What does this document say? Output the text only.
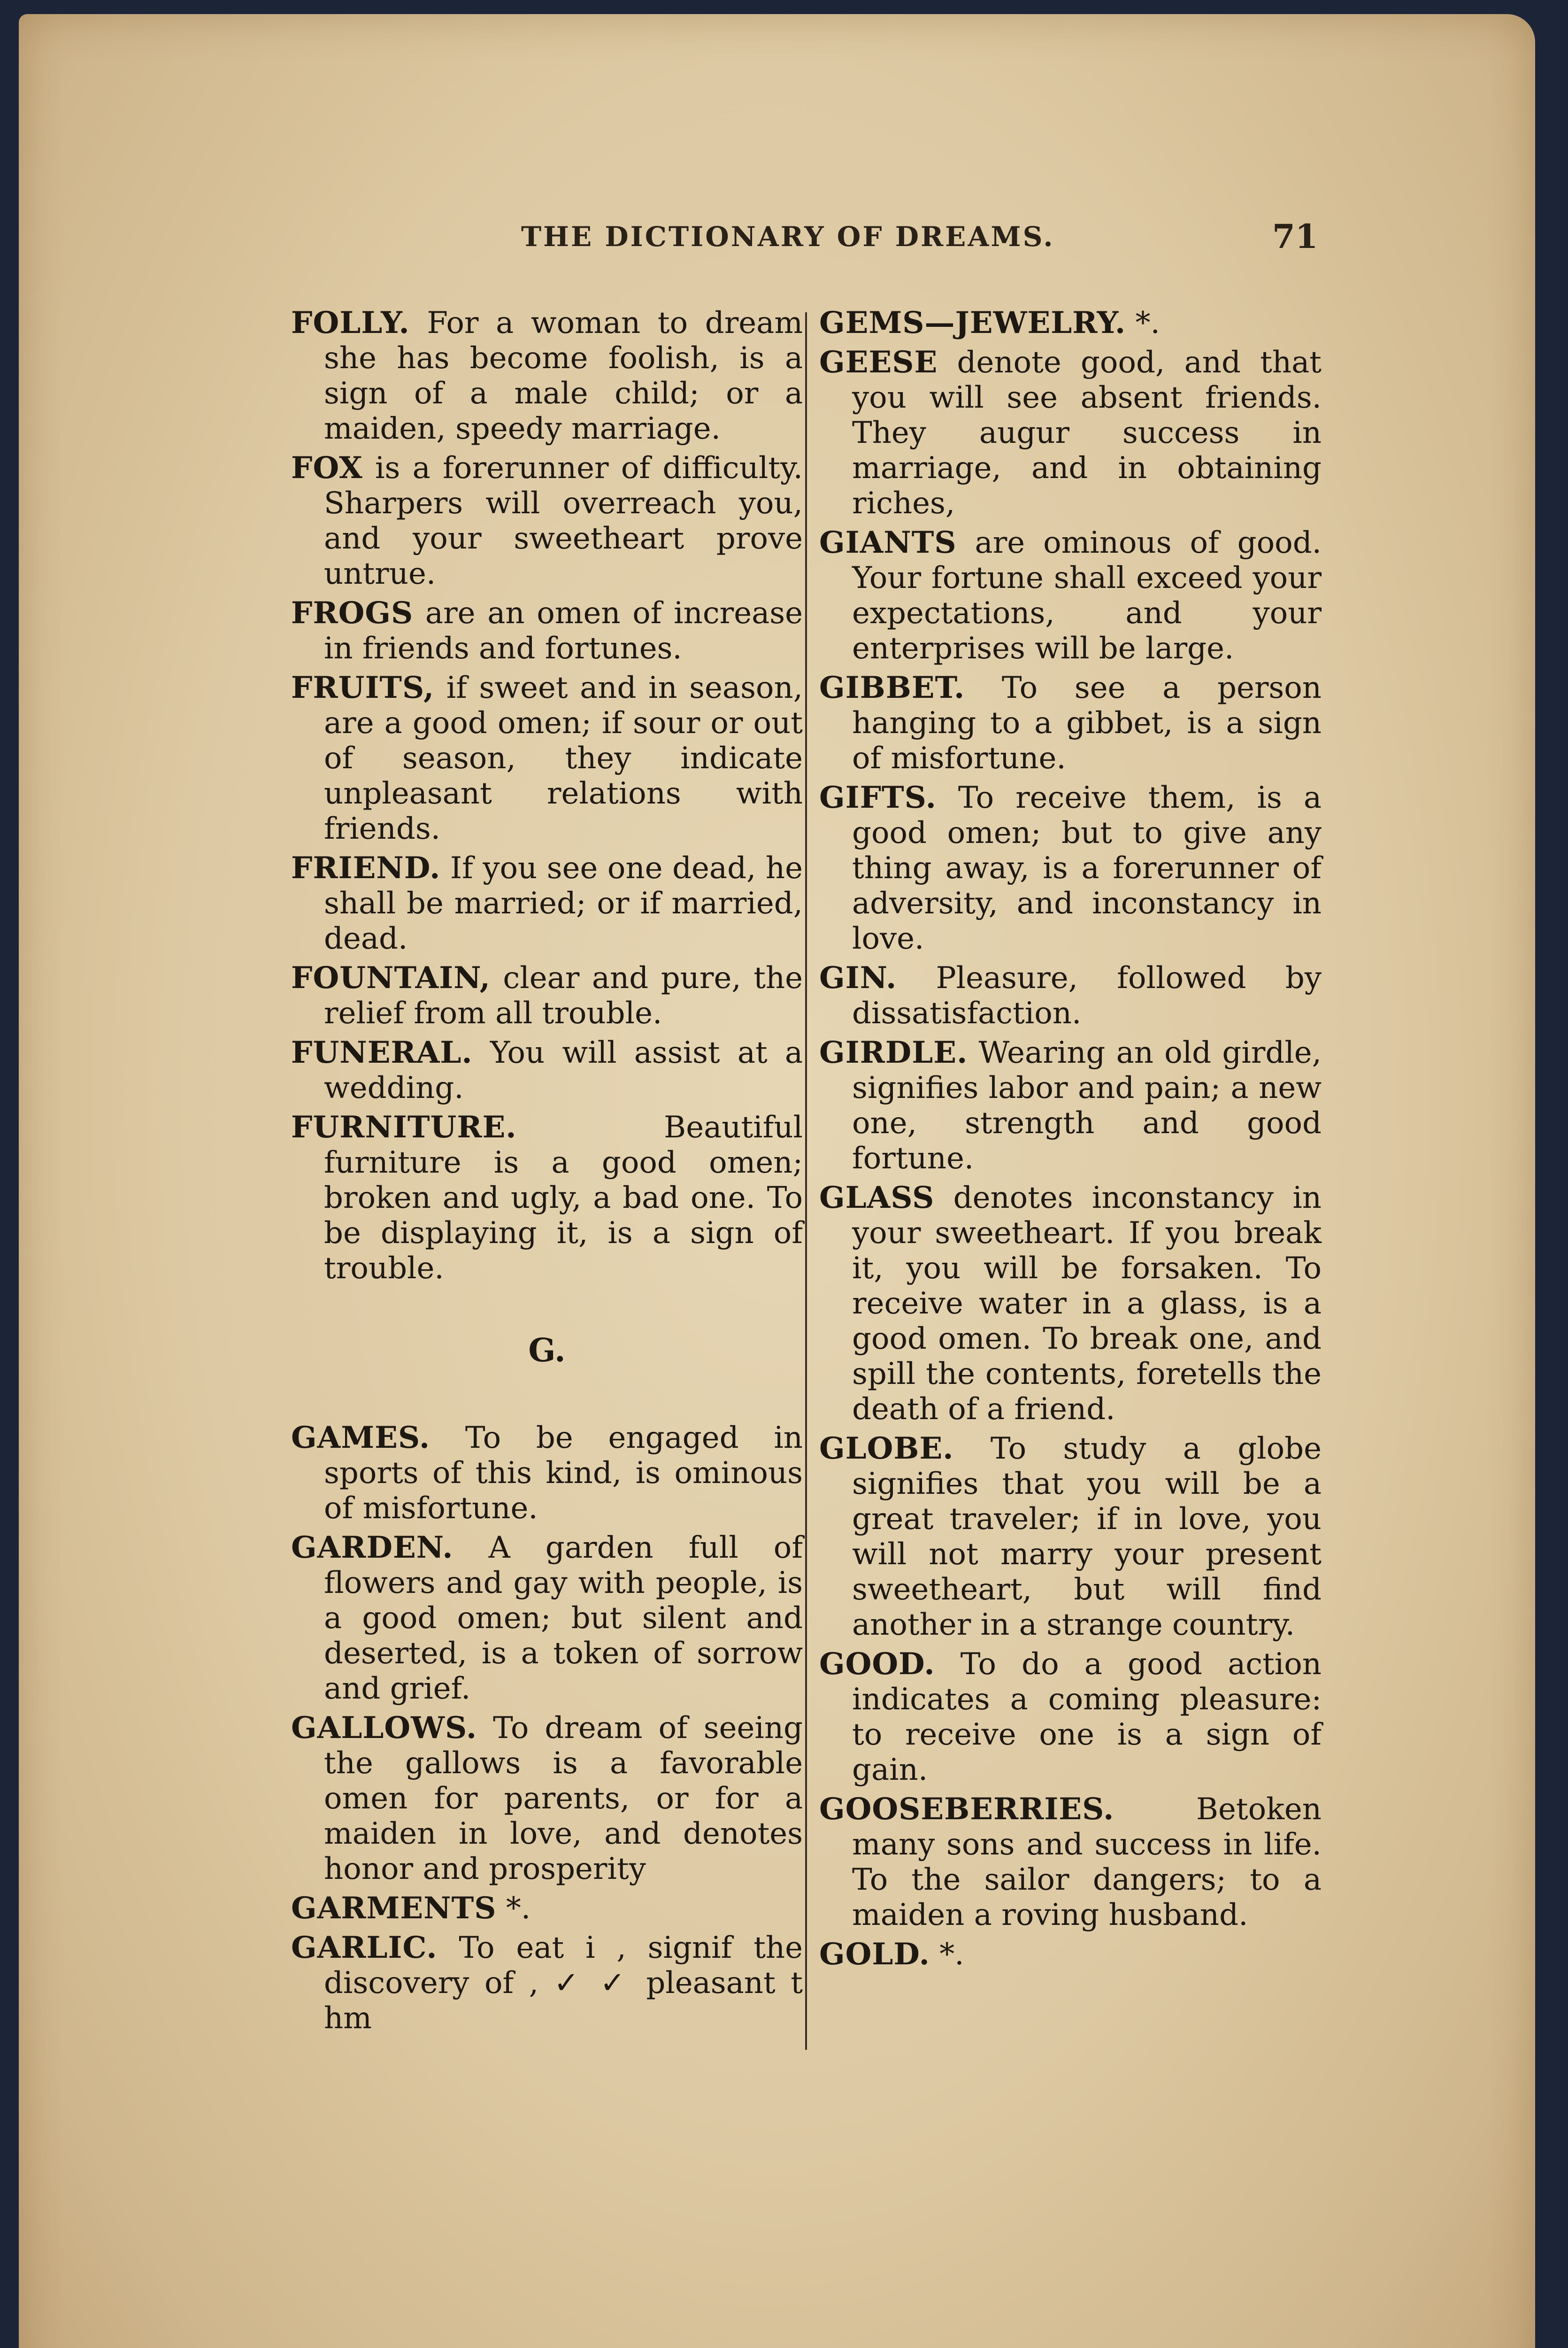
THE DICTIONARY OF DREAMS.	71

FOLLY. For a woman to dream she has become foolish, is a sign of a male child; or a maiden, speedy marriage.

FOX is a forerunner of difficulty. Sharpers will overreach you, and your sweetheart prove untrue.

FROGS are an omen of increase in friends and fortunes.

FRUITS, if sweet and in season, are a good omen; if sour or out of season, they indicate unpleasant relations with friends.

FRIEND. If you see one dead, he shall be married; or if married, dead.

FOUNTAIN, clear and pure, the relief from all trouble.

FUNERAL. You will assist at a wedding.

FURNITURE.	Beautiful furniture is a good omen; broken and ugly, a bad one. To be displaying it, is a sign of trouble.

G.

GAMES. To be engaged in sports of this kind, is ominous of misfortune.

GARDEN. A garden full of flowers and gay with people, is a good omen; but silent and deserted, is a token of sorrow and grief.

GALLOWS. To dream of seeing the gallows is a favorable omen for parents, or for a maiden in love, and denotes honor and prosperity

GARMENTS *.

GARLIC. To eat i , signif the discovery of , ✓ ✓ pleasant t hm

GEMS—JEWELRY. *.

GEESE denote good, and that you will see absent friends. They augur success in marriage, and in obtaining riches,

GIANTS are ominous of good. Your fortune shall exceed your expectations, and your enterprises will be large.

GIBBET. To see a person hanging to a gibbet, is a sign of misfortune.

GIFTS. To receive them, is a good omen; but to give any thing away, is a forerunner of adversity, and inconstancy in love.

GIN. Pleasure, followed by dissatisfaction.

GIRDLE. Wearing an old girdle, signifies labor and pain; a new one, strength and good fortune.

GLASS denotes inconstancy in your sweetheart. If you break it, you will be forsaken. To receive water in a glass, is a good omen. To break one, and spill the contents, foretells the death of a friend.

GLOBE. To study a globe signifies that you will be a great traveler; if in love, you will not marry your present sweetheart, but will find another in a strange country.

GOOD. To do a good action indicates a coming pleasure: to receive one is a sign of gain.

GOOSEBERRIES.	Betoken many sons and success in life. To the sailor dangers; to a maiden a roving husband.

GOLD. *.
